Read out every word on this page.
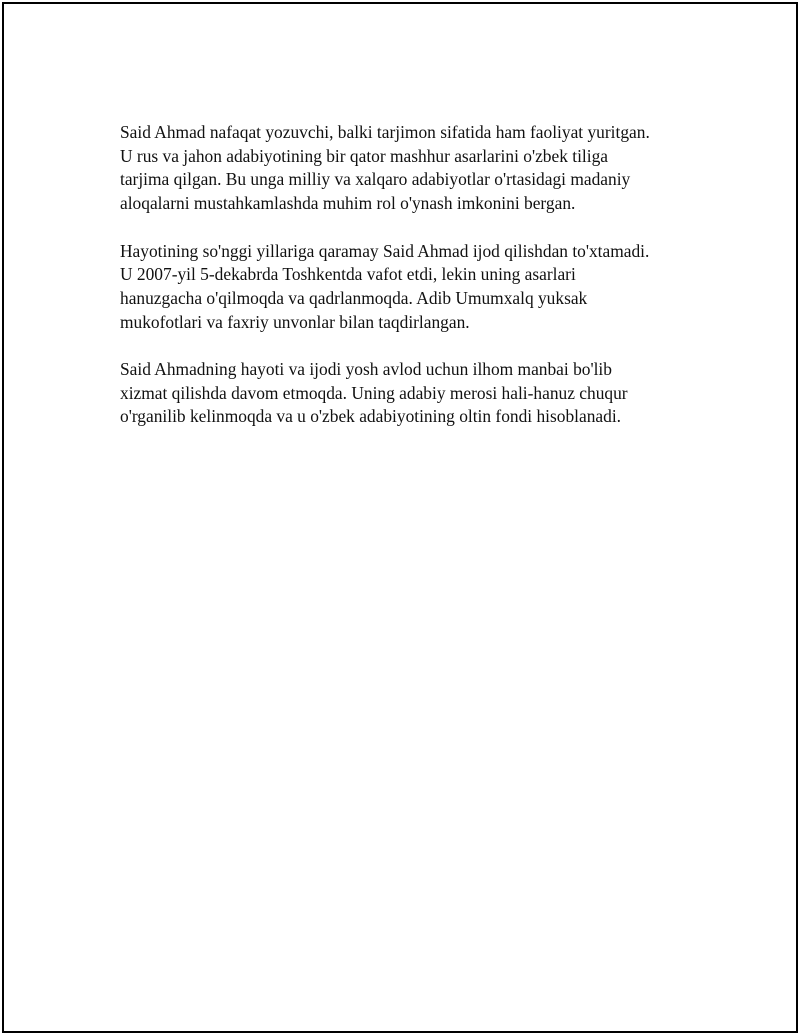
Said Ahmad nafaqat yozuvchi, balki tarjimon sifatida ham faoliyat yuritgan.
U rus va jahon adabiyotining bir qator mashhur asarlarini o'zbek tiliga
tarjima qilgan. Bu unga milliy va xalqaro adabiyotlar o'rtasidagi madaniy
aloqalarni mustahkamlashda muhim rol o'ynash imkonini bergan.

Hayotining so'nggi yillariga qaramay Said Ahmad ijod qilishdan to'xtamadi.
U 2007-yil 5-dekabrda Toshkentda vafot etdi, lekin uning asarlari
hanuzgacha o'qilmoqda va qadrlanmoqda. Adib Umumxalq yuksak
mukofotlari va faxriy unvonlar bilan taqdirlangan.

Said Ahmadning hayoti va ijodi yosh avlod uchun ilhom manbai bo'lib
xizmat qilishda davom etmoqda. Uning adabiy merosi hali-hanuz chuqur
o'rganilib kelinmoqda va u o'zbek adabiyotining oltin fondi hisoblanadi.
